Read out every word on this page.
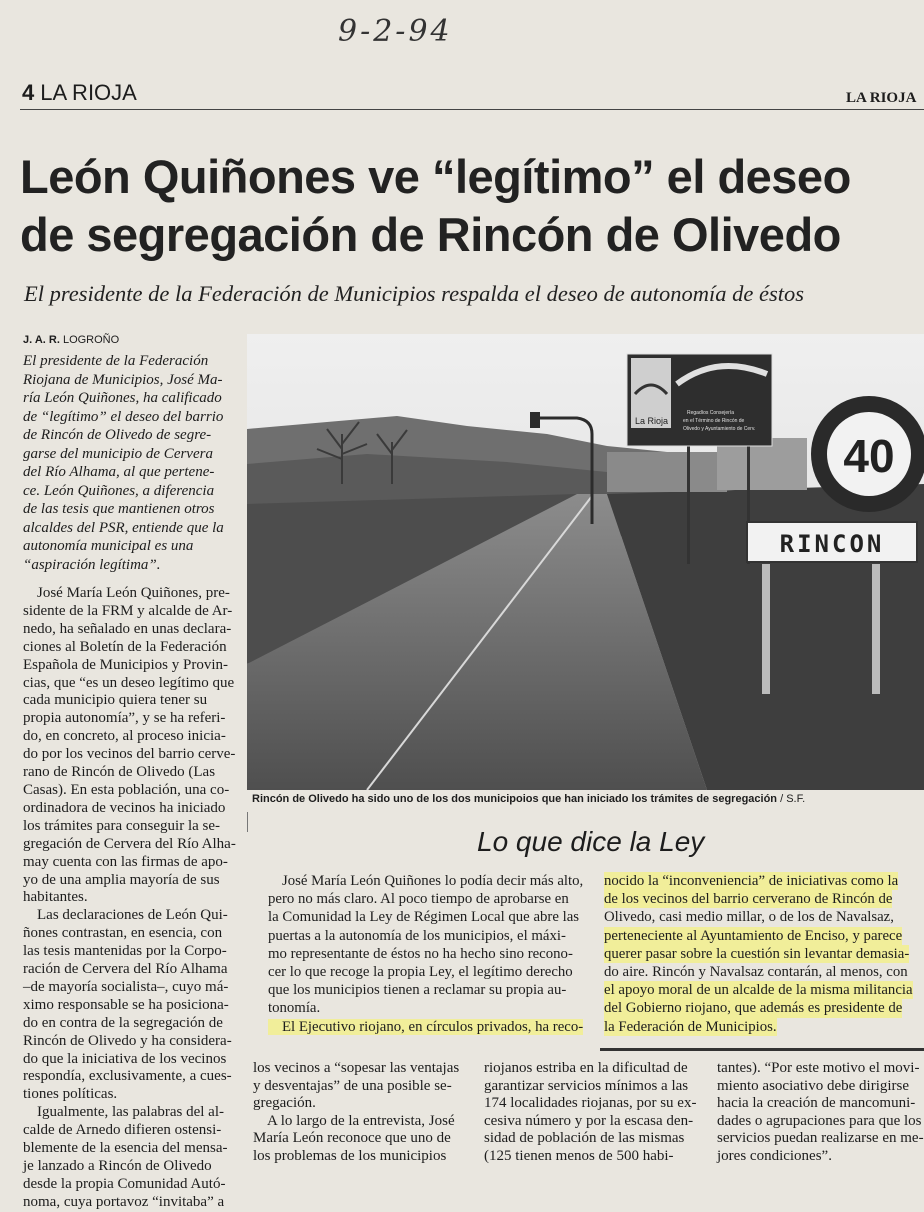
9-2-94
4 LA RIOJA	LA RIOJA
León Quiñones ve “legítimo” el deseo
de segregación de Rincón de Olivedo
El presidente de la Federación de Municipios respalda el deseo de autonomía de éstos
J. A. R. LOGROÑO
El presidente de la Federación
Riojana de Municipios, José Ma-
ría León Quiñones, ha calificado
de “legítimo” el deseo del barrio
de Rincón de Olivedo de segre-
garse del municipio de Cervera
del Río Alhama, al que pertene-
ce. León Quiñones, a diferencia
de las tesis que mantienen otros
alcaldes del PSR, entiende que la
autonomía municipal es una
“aspiración legítima”.
José María León Quiñones, pre-
sidente de la FRM y alcalde de Ar-
nedo, ha señalado en unas declara-
ciones al Boletín de la Federación
Española de Municipios y Provin-
cias, que “es un deseo legítimo que
cada municipio quiera tener su
propia autonomía”, y se ha referi-
do, en concreto, al proceso inicia-
do por los vecinos del barrio cerve-
rano de Rincón de Olivedo (Las
Casas). En esta población, una co-
ordinadora de vecinos ha iniciado
los trámites para conseguir la se-
gregación de Cervera del Río Alha-
may cuenta con las firmas de apo-
yo de una amplia mayoría de sus
habitantes.
Las declaraciones de León Qui-
ñones contrastan, en esencia, con
las tesis mantenidas por la Corpo-
ración de Cervera del Río Alhama
–de mayoría socialista–, cuyo má-
ximo responsable se ha posiciona-
do en contra de la segregación de
Rincón de Olivedo y ha considera-
do que la iniciativa de los vecinos
respondía, exclusivamente, a cues-
tiones políticas.
Igualmente, las palabras del al-
calde de Arnedo difieren ostensi-
blemente de la esencia del mensa-
je lanzado a Rincón de Olivedo
desde la propia Comunidad Autó-
noma, cuya portavoz “invitaba” a
La Rioja
Regadíos Consejería
en el Término de Rincón de
Olivedo y Ayuntamiento de Cerv.
40
RINCON
Rincón de Olivedo ha sido uno de los dos municipoios que han iniciado los trámites de segregación / S.F.
Lo que dice la Ley
José María León Quiñones lo podía decir más alto,
pero no más claro. Al poco tiempo de aprobarse en
la Comunidad la Ley de Régimen Local que abre las
puertas a la autonomía de los municipios, el máxi-
mo representante de éstos no ha hecho sino recono-
cer lo que recoge la propia Ley, el legítimo derecho
que los municipios tienen a reclamar su propia au-
tonomía.
El Ejecutivo riojano, en círculos privados, ha reco-
nocido la “inconveniencia” de iniciativas como la
de los vecinos del barrio cerverano de Rincón de
Olivedo, casi medio millar, o de los de Navalsaz,
perteneciente al Ayuntamiento de Enciso, y parece
querer pasar sobre la cuestión sin levantar demasia-
do aire. Rincón y Navalsaz contarán, al menos, con
el apoyo moral de un alcalde de la misma militancia
del Gobierno riojano, que además es presidente de
la Federación de Municipios.
los vecinos a “sopesar las ventajas
y desventajas” de una posible se-
gregación.
A lo largo de la entrevista, José
María León reconoce que uno de
los problemas de los municipios
riojanos estriba en la dificultad de
garantizar servicios mínimos a las
174 localidades riojanas, por su ex-
cesiva número y por la escasa den-
sidad de población de las mismas
(125 tienen menos de 500 habi-
tantes). “Por este motivo el movi-
miento asociativo debe dirigirse
hacia la creación de mancomuni-
dades o agrupaciones para que los
servicios puedan realizarse en me-
jores condiciones”.
